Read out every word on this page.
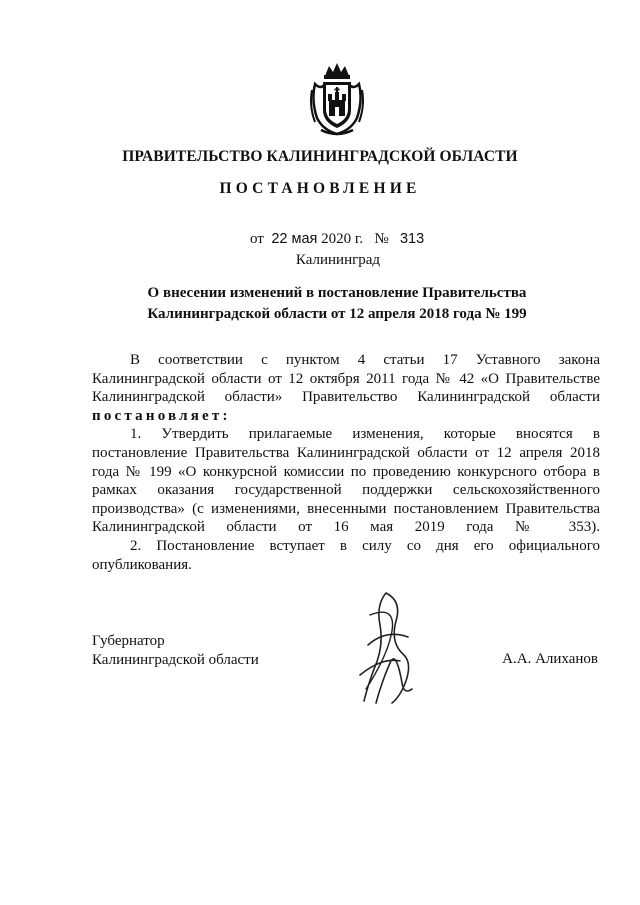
ПРАВИТЕЛЬСТВО КАЛИНИНГРАДСКОЙ ОБЛАСТИ
ПОСТАНОВЛЕНИЕ
от 22 мая 2020 г. № 313
Калининград
О внесении изменений в постановление Правительства
Калининградской области от 12 апреля 2018 года № 199

В соответствии с пунктом 4 статьи 17 Уставного закона Калининградской области от 12 октября 2011 года № 42 «О Правительстве Калининградской области» Правительство Калининградской области постановляет:

1. Утвердить прилагаемые изменения, которые вносятся в постановление Правительства Калининградской области от 12 апреля 2018 года № 199 «О конкурсной комиссии по проведению конкурсного отбора в рамках оказания государственной поддержки сельскохозяйственного производства» (с изменениями, внесенными постановлением Правительства Калининградской области от 16 мая 2019 года № 353).

2. Постановление вступает в силу со дня его официального опубликования.

Губернатор
Калининградской области	А.А. Алиханов
